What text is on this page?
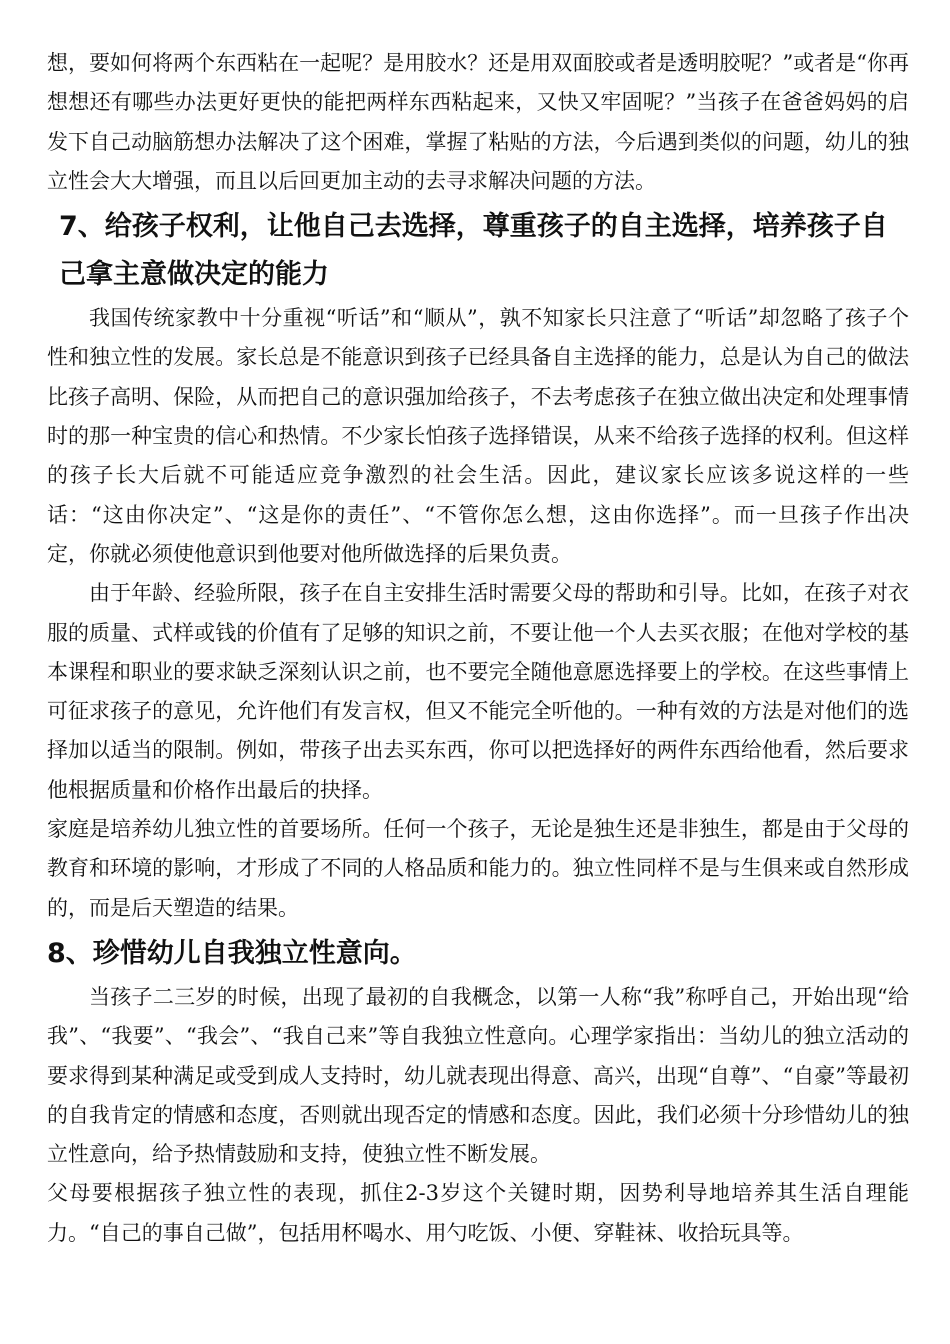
想，要如何将两个东西粘在一起呢？是用胶水？还是用双面胶或者是透明胶呢？”或者是“你再想想还有哪些办法更好更快的能把两样东西粘起来，又快又牢固呢？”当孩子在爸爸妈妈的启发下自己动脑筋想办法解决了这个困难，掌握了粘贴的方法，今后遇到类似的问题，幼儿的独立性会大大增强，而且以后回更加主动的去寻求解决问题的方法。

7、给孩子权利，让他自己去选择，尊重孩子的自主选择，培养孩子自己拿主意做决定的能力

我国传统家教中十分重视“听话”和“顺从”，孰不知家长只注意了“听话”却忽略了孩子个性和独立性的发展。家长总是不能意识到孩子已经具备自主选择的能力，总是认为自己的做法比孩子高明、保险，从而把自己的意识强加给孩子，不去考虑孩子在独立做出决定和处理事情时的那一种宝贵的信心和热情。不少家长怕孩子选择错误，从来不给孩子选择的权利。但这样的孩子长大后就不可能适应竞争激烈的社会生活。因此，建议家长应该多说这样的一些话：“这由你决定”、“这是你的责任”、“不管你怎么想，这由你选择”。而一旦孩子作出决定，你就必须使他意识到他要对他所做选择的后果负责。

由于年龄、经验所限，孩子在自主安排生活时需要父母的帮助和引导。比如，在孩子对衣服的质量、式样或钱的价值有了足够的知识之前，不要让他一个人去买衣服；在他对学校的基本课程和职业的要求缺乏深刻认识之前，也不要完全随他意愿选择要上的学校。在这些事情上可征求孩子的意见，允许他们有发言权，但又不能完全听他的。一种有效的方法是对他们的选择加以适当的限制。例如，带孩子出去买东西，你可以把选择好的两件东西给他看，然后要求他根据质量和价格作出最后的抉择。

家庭是培养幼儿独立性的首要场所。任何一个孩子，无论是独生还是非独生，都是由于父母的教育和环境的影响，才形成了不同的人格品质和能力的。独立性同样不是与生俱来或自然形成的，而是后天塑造的结果。

8、珍惜幼儿自我独立性意向。

当孩子二三岁的时候，出现了最初的自我概念，以第一人称“我”称呼自己，开始出现“给我”、“我要”、“我会”、“我自己来”等自我独立性意向。心理学家指出：当幼儿的独立活动的要求得到某种满足或受到成人支持时，幼儿就表现出得意、高兴，出现“自尊”、“自豪”等最初的自我肯定的情感和态度，否则就出现否定的情感和态度。因此，我们必须十分珍惜幼儿的独立性意向，给予热情鼓励和支持，使独立性不断发展。

父母要根据孩子独立性的表现，抓住2-3岁这个关键时期，因势利导地培养其生活自理能力。“自己的事自己做”，包括用杯喝水、用勺吃饭、小便、穿鞋袜、收拾玩具等。
